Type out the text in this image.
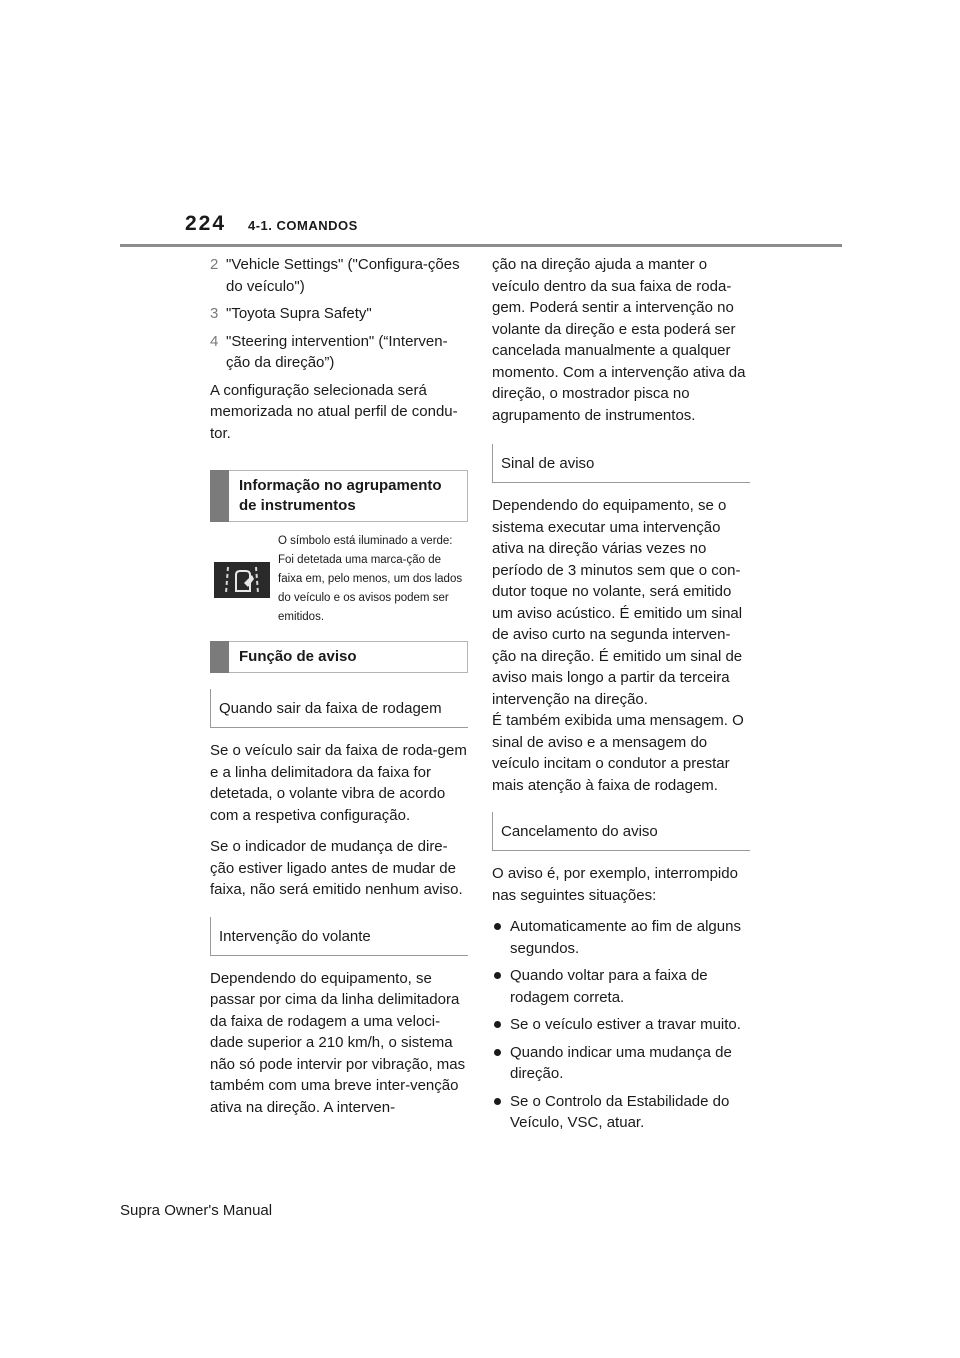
224 4-1. COMANDOS
2 "Vehicle Settings" ("Configura-ções do veículo")
3 "Toyota Supra Safety"
4 "Steering intervention" (“Interven-ção da direção”)

A configuração selecionada será memorizada no atual perfil de condu-tor.

Informação no agrupamento de instrumentos
O símbolo está iluminado a verde: Foi detetada uma marca-ção de faixa em, pelo menos, um dos lados do veículo e os avisos podem ser emitidos.
Função de aviso
Quando sair da faixa de rodagem

Se o veículo sair da faixa de roda-gem e a linha delimitadora da faixa for detetada, o volante vibra de acordo com a respetiva configuração.

Se o indicador de mudança de dire-ção estiver ligado antes de mudar de faixa, não será emitido nenhum aviso.

Intervenção do volante

Dependendo do equipamento, se passar por cima da linha delimitadora da faixa de rodagem a uma veloci-dade superior a 210 km/h, o sistema não só pode intervir por vibração, mas também com uma breve inter-venção ativa na direção. A interven-

ção na direção ajuda a manter o veículo dentro da sua faixa de roda-gem. Poderá sentir a intervenção no volante da direção e esta poderá ser cancelada manualmente a qualquer momento. Com a intervenção ativa da direção, o mostrador pisca no agrupamento de instrumentos.

Sinal de aviso

Dependendo do equipamento, se o sistema executar uma intervenção ativa na direção várias vezes no período de 3 minutos sem que o con-dutor toque no volante, será emitido um aviso acústico. É emitido um sinal de aviso curto na segunda interven-ção na direção. É emitido um sinal de aviso mais longo a partir da terceira intervenção na direção.

É também exibida uma mensagem. O sinal de aviso e a mensagem do veículo incitam o condutor a prestar mais atenção à faixa de rodagem.

Cancelamento do aviso

O aviso é, por exemplo, interrompido nas seguintes situações:

Automaticamente ao fim de alguns segundos.
Quando voltar para a faixa de rodagem correta.
Se o veículo estiver a travar muito.
Quando indicar uma mudança de direção.
Se o Controlo da Estabilidade do Veículo, VSC, atuar.
Supra Owner's Manual
